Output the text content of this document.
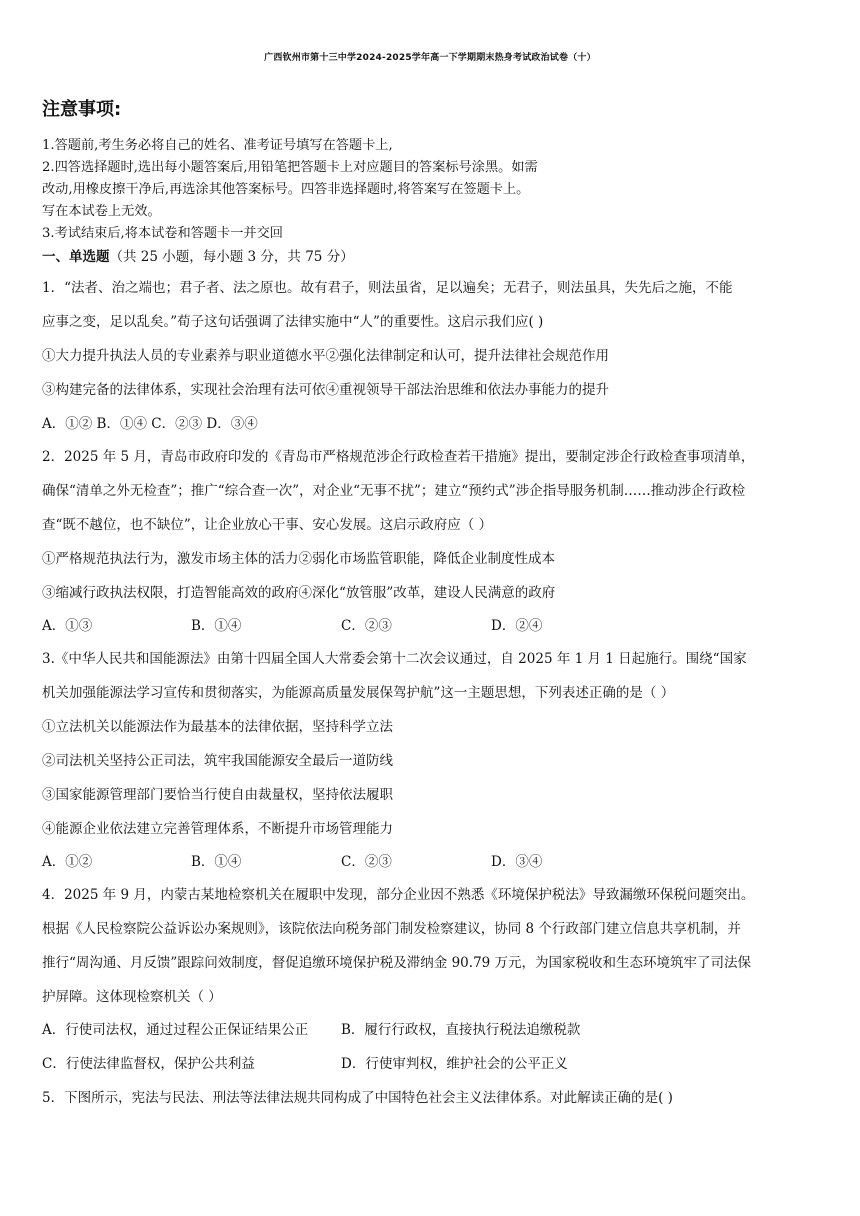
广西钦州市第十三中学2024-2025学年高一下学期期末热身考试政治试卷（十）
注意事项:
1.答题前,考生务必将自己的姓名、准考证号填写在答题卡上,
2.四答选择题时,选出每小题答案后,用铅笔把答题卡上对应题目的答案标号涂黑。如需
改动,用橡皮擦干净后,再选涂其他答案标号。四答非选择题时,将答案写在签题卡上。
写在本试卷上无效。
3.考试结束后,将本试卷和答题卡一并交回
一、单选题（共 25 小题，每小题 3 分，共 75 分）
1．“法者、治之端也；君子者、法之原也。故有君子，则法虽省，足以遍矣；无君子，则法虽具，失先后之施，不能
应事之变，足以乱矣。”荀子这句话强调了法律实施中“人”的重要性。这启示我们应( )
①大力提升执法人员的专业素养与职业道德水平②强化法律制定和认可，提升法律社会规范作用
③构建完备的法律体系，实现社会治理有法可依④重视领导干部法治思维和依法办事能力的提升
A．①② B．①④ C．②③ D．③④
2．2025 年 5 月，青岛市政府印发的《青岛市严格规范涉企行政检查若干措施》提出，要制定涉企行政检查事项清单，
确保“清单之外无检查”；推广“综合查一次”，对企业“无事不扰”；建立“预约式”涉企指导服务机制……推动涉企行政检
查“既不越位，也不缺位”，让企业放心干事、安心发展。这启示政府应（ ）
①严格规范执法行为，激发市场主体的活力②弱化市场监管职能，降低企业制度性成本
③缩减行政执法权限，打造智能高效的政府④深化“放管服”改革，建设人民满意的政府
A．①③	B．①④	C．②③	D．②④
3.《中华人民共和国能源法》由第十四届全国人大常委会第十二次会议通过，自 2025 年 1 月 1 日起施行。围绕“国家
机关加强能源法学习宣传和贯彻落实，为能源高质量发展保驾护航”这一主题思想，下列表述正确的是（ ）
①立法机关以能源法作为最基本的法律依据，坚持科学立法
②司法机关坚持公正司法，筑牢我国能源安全最后一道防线
③国家能源管理部门要恰当行使自由裁量权，坚持依法履职
④能源企业依法建立完善管理体系，不断提升市场管理能力
A．①②	B．①④	C．②③	D．③④
4．2025 年 9 月，内蒙古某地检察机关在履职中发现，部分企业因不熟悉《环境保护税法》导致漏缴环保税问题突出。
根据《人民检察院公益诉讼办案规则》，该院依法向税务部门制发检察建议，协同 8 个行政部门建立信息共享机制，并
推行“周沟通、月反馈”跟踪问效制度，督促追缴环境保护税及滞纳金 90.79 万元，为国家税收和生态环境筑牢了司法保
护屏障。这体现检察机关（ ）
A．行使司法权，通过过程公正保证结果公正 B．履行行政权，直接执行税法追缴税款
C．行使法律监督权，保护公共利益	D．行使审判权，维护社会的公平正义
5．下图所示，宪法与民法、刑法等法律法规共同构成了中国特色社会主义法律体系。对此解读正确的是( )
